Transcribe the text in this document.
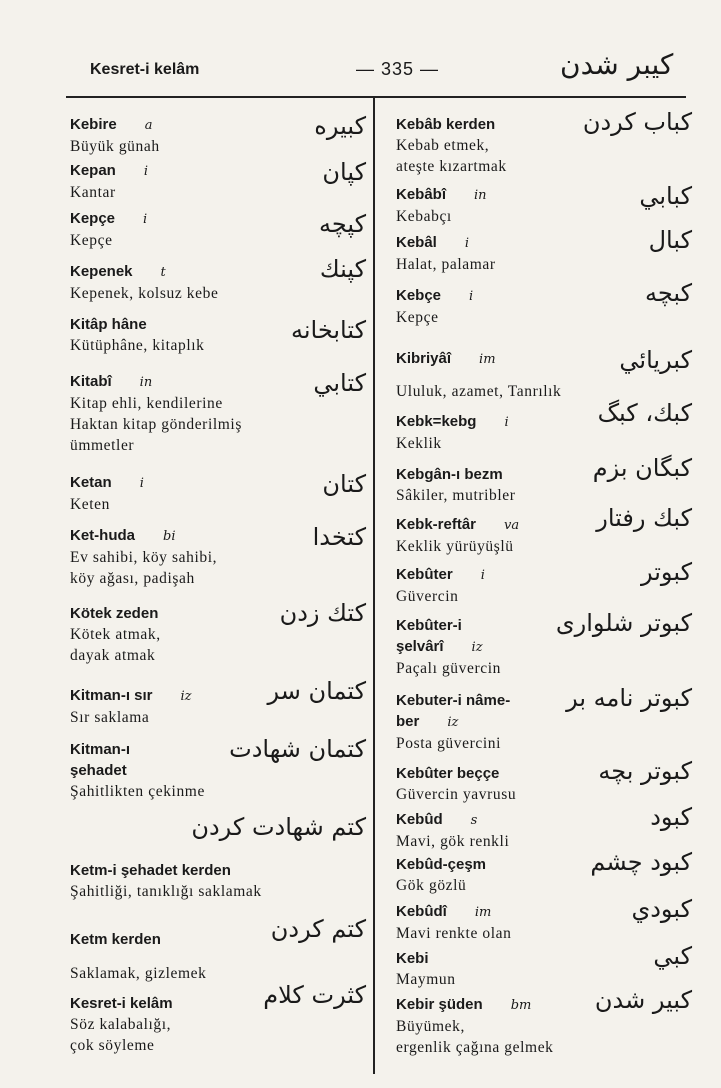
Kesret-i kelâm	— 335 —	كيبر شدن
Kebire a
Büyük günah
كبيره
Kepan i
Kantar
كپان
Kepçe i
Kepçe
كپچه
Kepenek t
Kepenek, kolsuz kebe
كپنك
Kitâp hâne
Kütüphâne, kitaplık
كتابخانه
Kitabî in
Kitap ehli, kendilerine
Haktan kitap gönderilmiş
ümmetler
كتابي
Ketan i
Keten
كتان
Ket-huda bi
Ev sahibi, köy sahibi,
köy ağası, padişah
كتخدا
Kötek zeden
Kötek atmak,
dayak atmak
كتك زدن
Kitman-ı sır iz
Sır saklama
كتمان سر
Kitman-ı	كتمان شهادت
şehadet
Şahitlikten çekinme
كتم شهادت كردن
Ketm-i şehadet kerden
Şahitliği, tanıklığı saklamak
Ketm kerden	كتم كردن
Saklamak, gizlemek
Kesret-i kelâm
Söz kalabalığı,
çok söyleme
كثرت كلام
Kebâb kerden
Kebab etmek,
ateşte kızartmak
كباب كردن
Kebâbî in
Kebabçı
كبابي
Kebâl i
Halat, palamar
كبال
Kebçe i
Kepçe
كبچه
Kibriyâî im	كبريائي
Ululuk, azamet, Tanrılık
Kebk=kebg i
Keklik
كبك، كبگ
Kebgân-ı bezm
Sâkiler, mutribler
كبگان بزم
Kebk-reftâr va
Keklik yürüyüşlü
كبك رفتار
Kebûter i
Güvercin
كبوتر
Kebûter-i	كبوتر شلوارى
şelvârî iz
Paçalı güvercin
Kebuter-i nâme-	كبوتر نامه بر
ber iz
Posta güvercini
Kebûter beççe
Güvercin yavrusu
كبوتر بچه
Kebûd s
Mavi, gök renkli
كبود
Kebûd-çeşm
Gök gözlü
كبود چشم
Kebûdî im
Mavi renkte olan
كبودي
Kebi
Maymun
كبي
Kebir şüden bm
Büyümek,
ergenlik çağına gelmek
كبير شدن
